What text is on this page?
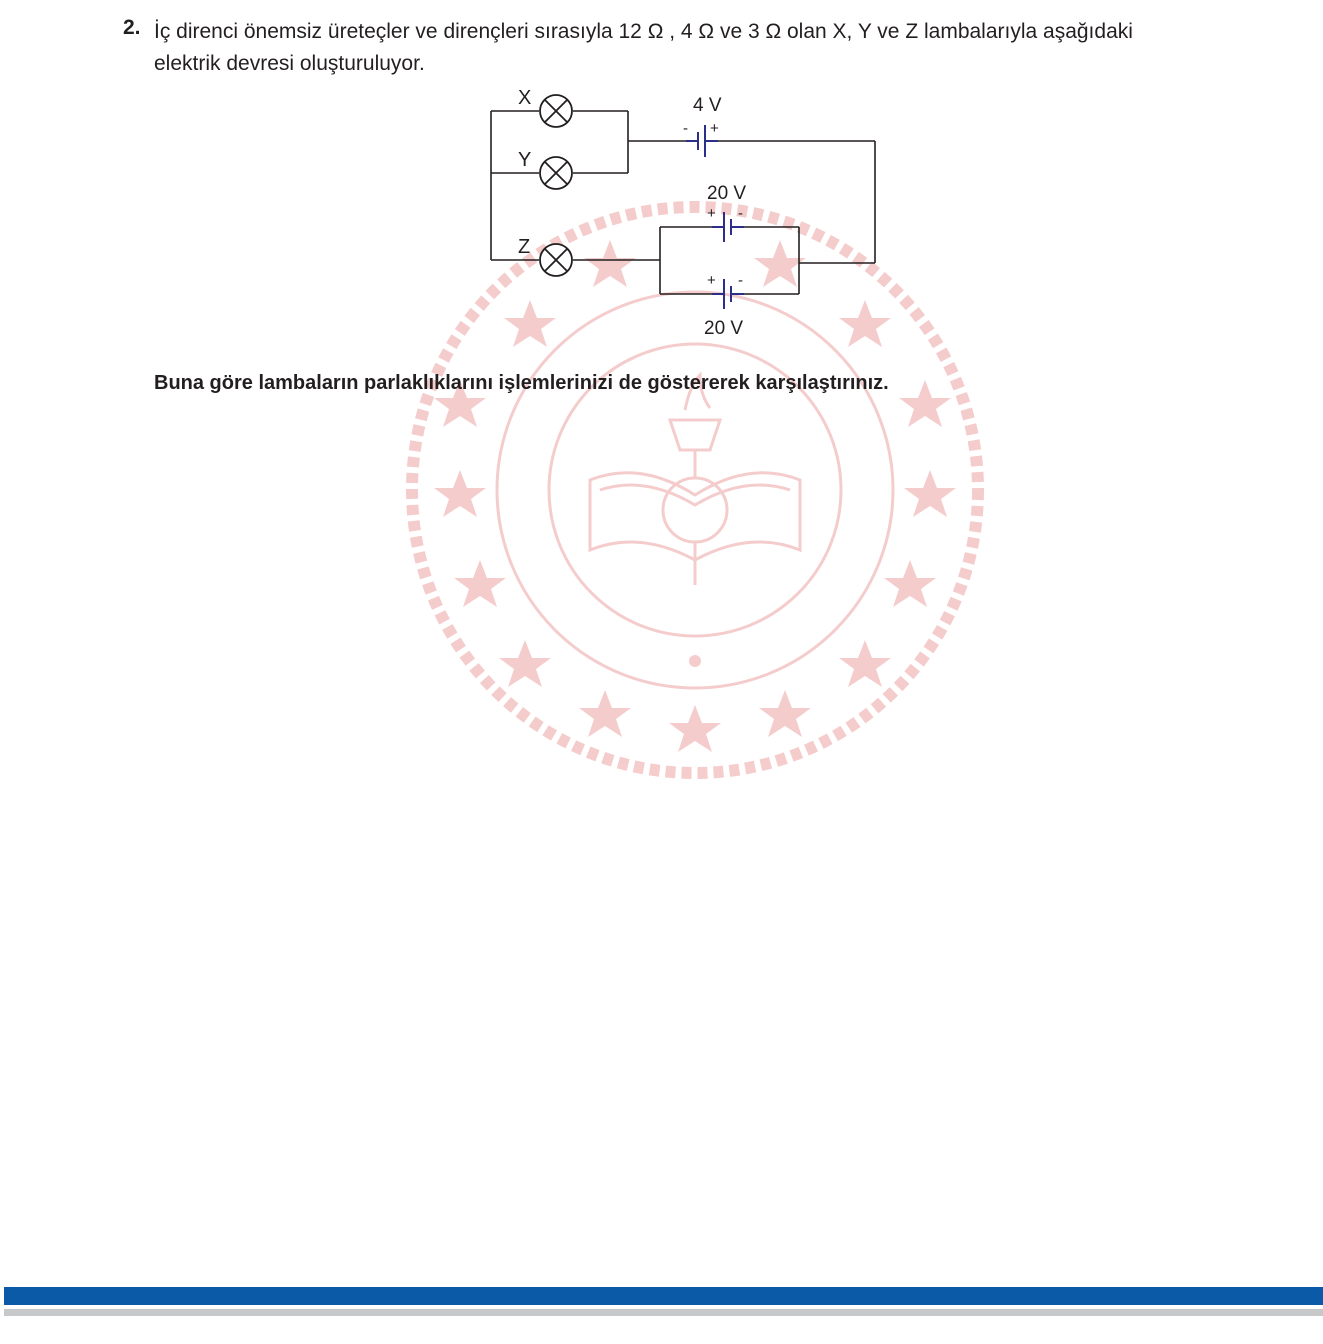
2. İç direnci önemsiz üreteçler ve dirençleri sırasıyla 12 Ω , 4 Ω ve 3 Ω olan X, Y ve Z lambalarıyla aşağıdaki
elektrik devresi oluşturuluyor.
X
Y
Z
4 V
- +
20 V
+ -
+ -
20 V
Buna göre lambaların parlaklıklarını işlemlerinizi de göstererek karşılaştırınız.
